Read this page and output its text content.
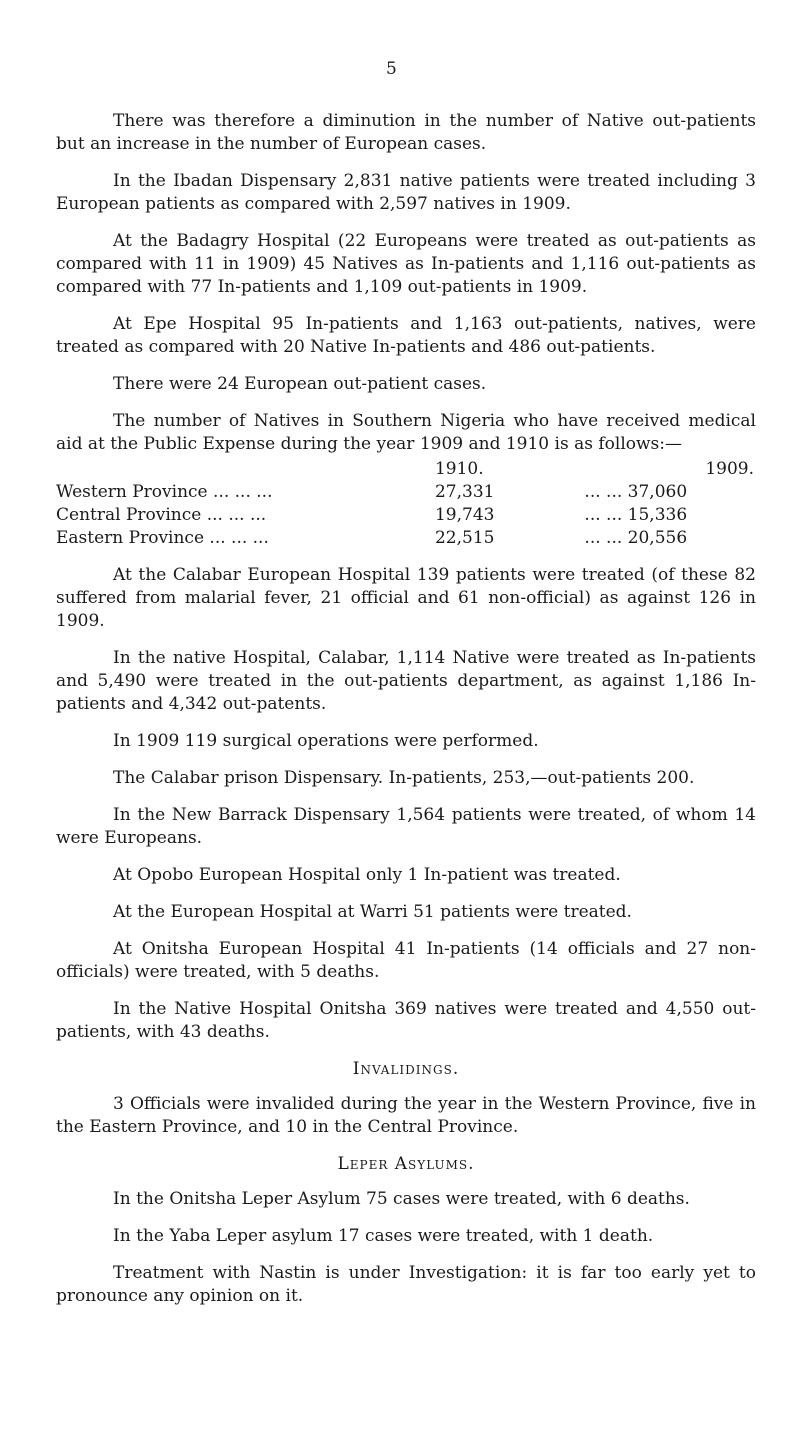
5

There was therefore a diminution in the number of Native out-patients but an increase in the number of European cases.

In the Ibadan Dispensary 2,831 native patients were treated including 3 European patients as compared with 2,597 natives in 1909.

At the Badagry Hospital (22 Europeans were treated as out-patients as compared with 11 in 1909) 45 Natives as In-patients and 1,116 out-patients as compared with 77 In-patients and 1,109 out-patients in 1909.

At Epe Hospital 95 In-patients and 1,163 out-patients, natives, were treated as compared with 20 Native In-patients and 486 out-patients.

There were 24 European out-patient cases.

The number of Natives in Southern Nigeria who have received medical aid at the Public Expense during the year 1909 and 1910 is as follows:—

	1910.	1909.
Western Province ... ... ...	27,331	... ... 37,060
Central Province ... ... ...	19,743	... ... 15,336
Eastern Province ... ... ...	22,515	... ... 20,556

At the Calabar European Hospital 139 patients were treated (of these 82 suffered from malarial fever, 21 official and 61 non-official) as against 126 in 1909.

In the native Hospital, Calabar, 1,114 Native were treated as In-patients and 5,490 were treated in the out-patients department, as against 1,186 In-patients and 4,342 out-patents.

In 1909 119 surgical operations were performed.

The Calabar prison Dispensary. In-patients, 253,—out-patients 200.

In the New Barrack Dispensary 1,564 patients were treated, of whom 14 were Europeans.

At Opobo European Hospital only 1 In-patient was treated.

At the European Hospital at Warri 51 patients were treated.

At Onitsha European Hospital 41 In-patients (14 officials and 27 non-officials) were treated, with 5 deaths.

In the Native Hospital Onitsha 369 natives were treated and 4,550 out-patients, with 43 deaths.

Invalidings.

3 Officials were invalided during the year in the Western Province, five in the Eastern Province, and 10 in the Central Province.

Leper Asylums.

In the Onitsha Leper Asylum 75 cases were treated, with 6 deaths.

In the Yaba Leper asylum 17 cases were treated, with 1 death.

Treatment with Nastin is under Investigation: it is far too early yet to pronounce any opinion on it.
